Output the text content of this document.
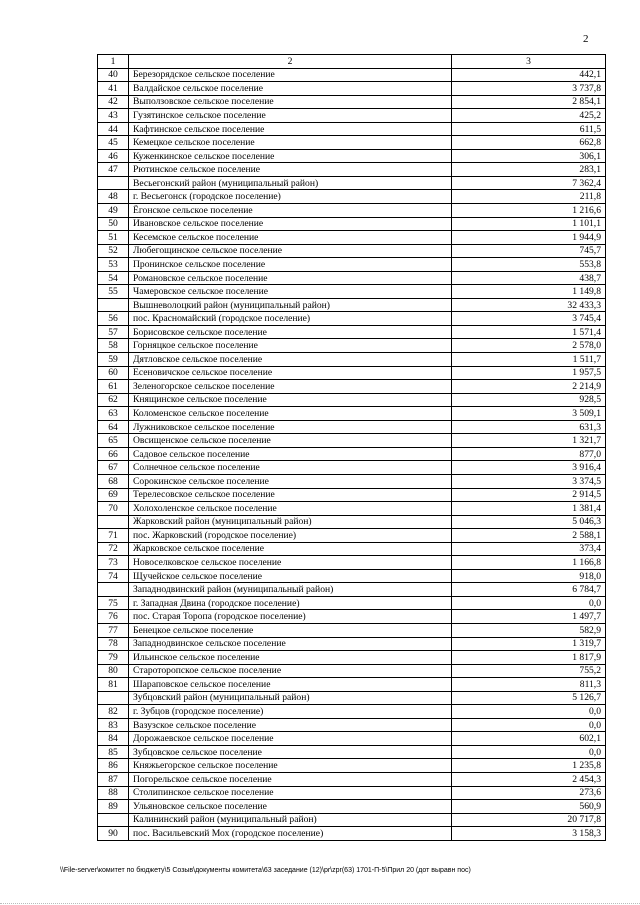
2
1	2	3
40	Березорядское сельское поселение	442,1
41	Валдайское сельское поселение	3 737,8
42	Выползовское сельское поселение	2 854,1
43	Гузятинское сельское поселение	425,2
44	Кафтинское сельское поселение	611,5
45	Кемецкое сельское поселение	662,8
46	Куженкинское сельское поселение	306,1
47	Рютинское сельское поселение	283,1
	Весьегонский район (муниципальный район)	7 362,4
48	г. Весьегонск (городское поселение)	211,8
49	Ёгонское сельское поселение	1 216,6
50	Ивановское сельское поселение	1 101,1
51	Кесемское сельское поселение	1 944,9
52	Любегощинское сельское поселение	745,7
53	Пронинское сельское поселение	553,8
54	Романовское сельское поселение	438,7
55	Чамеровское сельское поселение	1 149,8
	Вышневолоцкий район (муниципальный район)	32 433,3
56	пос. Красномайский (городское поселение)	3 745,4
57	Борисовское сельское поселение	1 571,4
58	Горняцкое сельское поселение	2 578,0
59	Дятловское сельское поселение	1 511,7
60	Есеновичское сельское поселение	1 957,5
61	Зеленогорское сельское поселение	2 214,9
62	Княщинское сельское поселение	928,5
63	Коломенское сельское поселение	3 509,1
64	Лужниковское сельское поселение	631,3
65	Овсищенское сельское поселение	1 321,7
66	Садовое сельское поселение	877,0
67	Солнечное сельское поселение	3 916,4
68	Сорокинское сельское поселение	3 374,5
69	Терелесовское сельское поселение	2 914,5
70	Холохоленское сельское поселение	1 381,4
	Жарковский район (муниципальный район)	5 046,3
71	пос. Жарковский (городское поселение)	2 588,1
72	Жарковское сельское поселение	373,4
73	Новоселковское сельское поселение	1 166,8
74	Щучейское сельское поселение	918,0
	Западнодвинский район (муниципальный район)	6 784,7
75	г. Западная Двина (городское поселение)	0,0
76	пос. Старая Торопа (городское поселение)	1 497,7
77	Бенецкое сельское поселение	582,9
78	Западнодвинское сельское поселение	1 319,7
79	Ильинское сельское поселение	1 817,9
80	Староторопское сельское поселение	755,2
81	Шараповское сельское поселение	811,3
	Зубцовский район (муниципальный район)	5 126,7
82	г. Зубцов (городское поселение)	0,0
83	Вазузское сельское поселение	0,0
84	Дорожаевское сельское поселение	602,1
85	Зубцовское сельское поселение	0,0
86	Княжьегорское сельское поселение	1 235,8
87	Погорельское сельское поселение	2 454,3
88	Столипинское сельское поселение	273,6
89	Ульяновское сельское поселение	560,9
	Калининский район (муниципальный район)	20 717,8
90	пос. Васильевский Мох (городское поселение)	3 158,3
\\File-server\комитет по бюджету\5 Созыв\документы комитета\63 заседание (12)\pr\zpr(63) 1701-П-5\Прил 20 (дот выравн пос)
